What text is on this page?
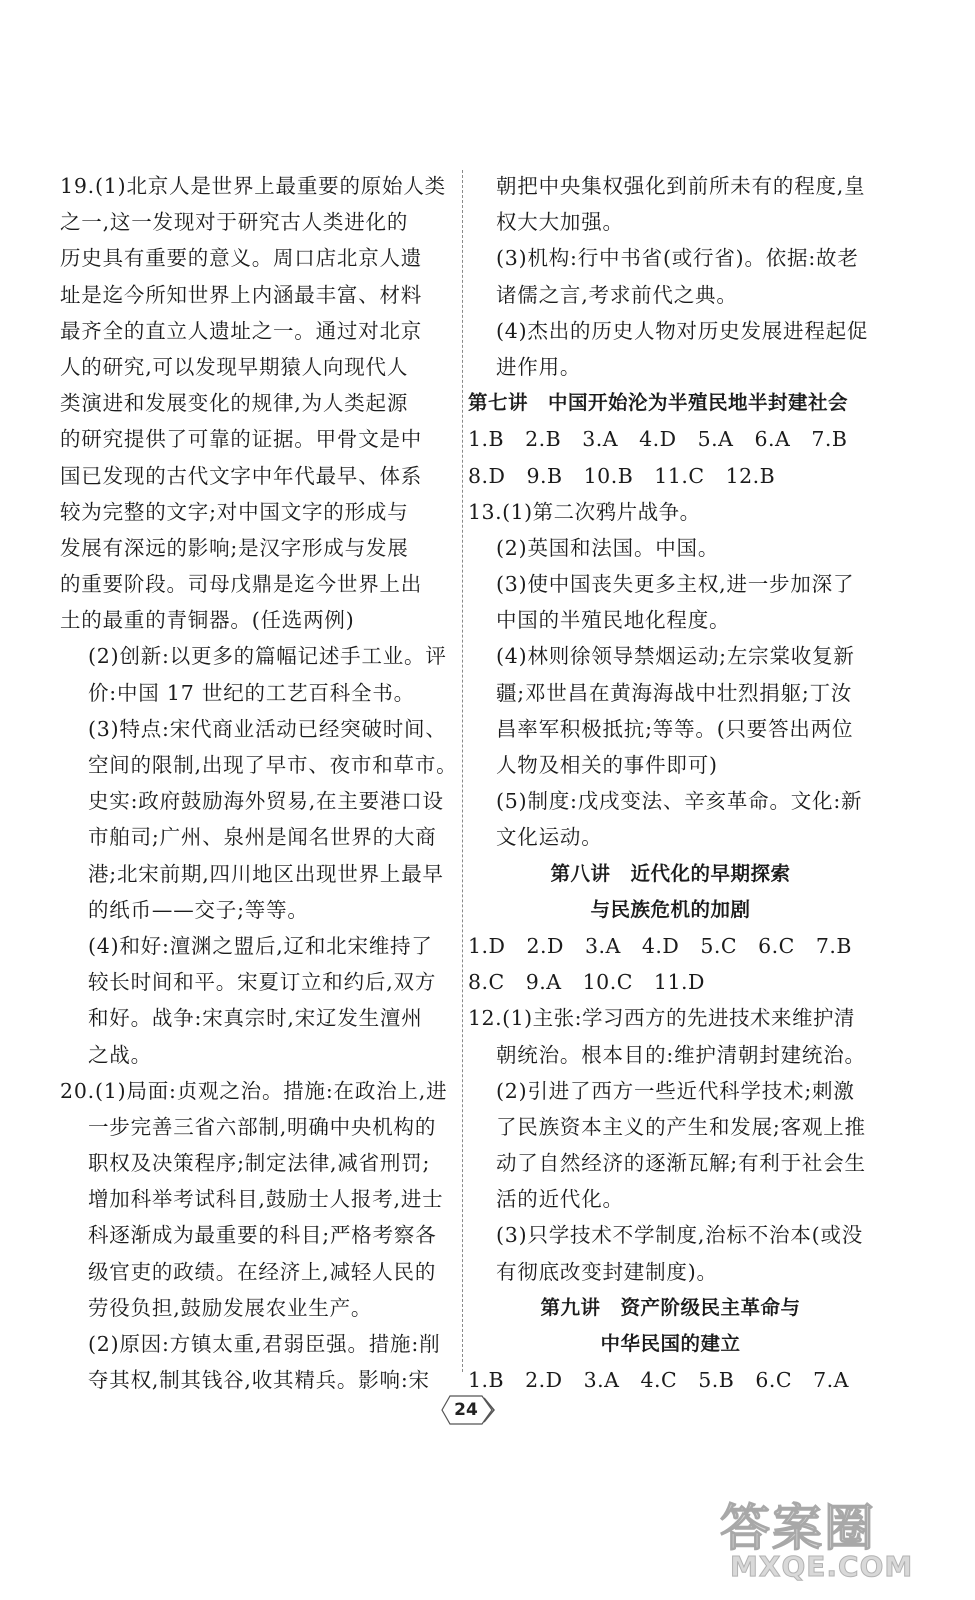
19.(1)北京人是世界上最重要的原始人类
之一,这一发现对于研究古人类进化的
历史具有重要的意义。周口店北京人遗
址是迄今所知世界上内涵最丰富、材料
最齐全的直立人遗址之一。通过对北京
人的研究,可以发现早期猿人向现代人
类演进和发展变化的规律,为人类起源
的研究提供了可靠的证据。甲骨文是中
国已发现的古代文字中年代最早、体系
较为完整的文字;对中国文字的形成与
发展有深远的影响;是汉字形成与发展
的重要阶段。司母戊鼎是迄今世界上出
土的最重的青铜器。(任选两例)
(2)创新:以更多的篇幅记述手工业。评
价:中国 17 世纪的工艺百科全书。
(3)特点:宋代商业活动已经突破时间、
空间的限制,出现了早市、夜市和草市。
史实:政府鼓励海外贸易,在主要港口设
市舶司;广州、泉州是闻名世界的大商
港;北宋前期,四川地区出现世界上最早
的纸币——交子;等等。
(4)和好:澶渊之盟后,辽和北宋维持了
较长时间和平。宋夏订立和约后,双方
和好。战争:宋真宗时,宋辽发生澶州
之战。
20.(1)局面:贞观之治。措施:在政治上,进
一步完善三省六部制,明确中央机构的
职权及决策程序;制定法律,减省刑罚;
增加科举考试科目,鼓励士人报考,进士
科逐渐成为最重要的科目;严格考察各
级官吏的政绩。在经济上,减轻人民的
劳役负担,鼓励发展农业生产。
(2)原因:方镇太重,君弱臣强。措施:削
夺其权,制其钱谷,收其精兵。影响:宋
朝把中央集权强化到前所未有的程度,皇
权大大加强。
(3)机构:行中书省(或行省)。依据:故老
诸儒之言,考求前代之典。
(4)杰出的历史人物对历史发展进程起促
进作用。
第七讲　中国开始沦为半殖民地半封建社会
1.B　2.B　3.A　4.D　5.A　6.A　7.B
8.D　9.B　10.B　11.C　12.B
13.(1)第二次鸦片战争。
(2)英国和法国。中国。
(3)使中国丧失更多主权,进一步加深了
中国的半殖民地化程度。
(4)林则徐领导禁烟运动;左宗棠收复新
疆;邓世昌在黄海海战中壮烈捐躯;丁汝
昌率军积极抵抗;等等。(只要答出两位
人物及相关的事件即可)
(5)制度:戊戌变法、辛亥革命。文化:新
文化运动。
第八讲　近代化的早期探索
与民族危机的加剧
1.D　2.D　3.A　4.D　5.C　6.C　7.B
8.C　9.A　10.C　11.D
12.(1)主张:学习西方的先进技术来维护清
朝统治。根本目的:维护清朝封建统治。
(2)引进了西方一些近代科学技术;刺激
了民族资本主义的产生和发展;客观上推
动了自然经济的逐渐瓦解;有利于社会生
活的近代化。
(3)只学技术不学制度,治标不治本(或没
有彻底改变封建制度)。
第九讲　资产阶级民主革命与
中华民国的建立
1.B　2.D　3.A　4.C　5.B　6.C　7.A
24
答案圈
MXQE.COM
